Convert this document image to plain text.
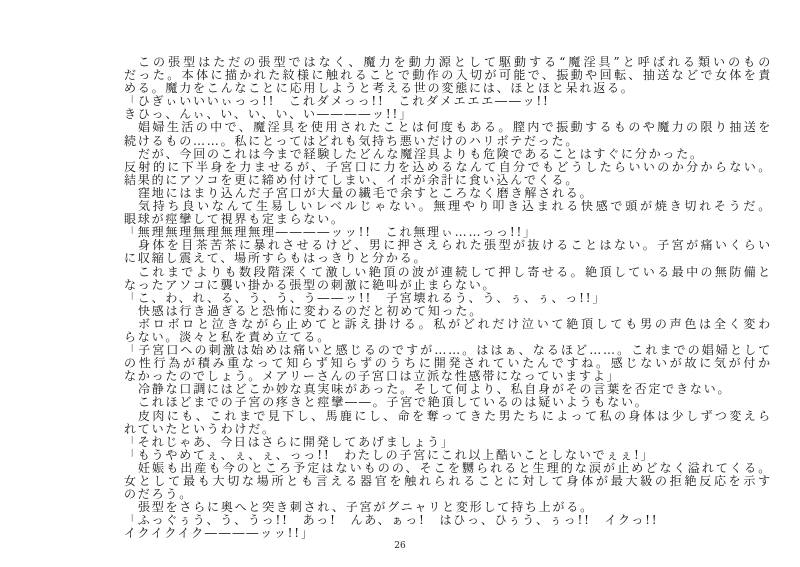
この張型はただの張型ではなく、魔力を動力源として駆動する“魔淫具”と呼ばれる類いのもの
だった。本体に描かれた紋様に触れることで動作の入切が可能で、振動や回転、抽送などで女体を責
める。魔力をこんなことに応用しようと考える世の変態には、ほとほと呆れ返る。
「ひぎぃいいいぃっっ!!　これダメっっ!!　これダメエエエ――ッ!!
きひっ、んぃ、い、い、い、い――――ッ!!」
娼婦生活の中で、魔淫具を使用されたことは何度もある。膣内で振動するものや魔力の限り抽送を
続けるもの……。私にとってはどれも気持ち悪いだけのハリボテだった。
だが、今回のこれは今まで経験したどんな魔淫具よりも危険であることはすぐに分かった。
反射的に下半身を力ませるが、子宮口に力を込めるなんて自分でもどうしたらいいのか分からない。
結果的にアソコを更に締め付けてしまい、イボが余計に食い込んでくる。
窪地にはまり込んだ子宮口が大量の繊毛で余すところなく磨き解される。
気持ち良いなんて生易しいレベルじゃない。無理やり叩き込まれる快感で頭が焼き切れそうだ。
眼球が痙攣して視界も定まらない。
「無理無理無理無理無理――――ッッ!!　これ無理ぃ……っっ!!」
身体を目茶苦茶に暴れさせるけど、男に押さえられた張型が抜けることはない。子宮が痛いくらい
に収縮し震えて、場所すらもはっきりと分かる。
これまでよりも数段階深くて激しい絶頂の波が連続して押し寄せる。絶頂している最中の無防備と
なったアソコに襲い掛かる張型の刺激に絶叫が止まらない。
「こ、わ、れ、る、う、う、う――ッ!!　子宮壊れるう、う、ぅ、ぅ、っ!!」
快感は行き過ぎると恐怖に変わるのだと初めて知った。
ボロボロと泣きながら止めてと訴え掛ける。私がどれだけ泣いて絶頂しても男の声色は全く変わ
らない。淡々と私を責め立てる。
「子宮口への刺激は始めは痛いと感じるのですが……。ははぁ、なるほど……。これまでの娼婦として
の性行為が積み重なって知らず知らずのうちに開発されていたんですね。感じないが故に気が付か
なかったのでしょう。メアリーさんの子宮口は立派な性感帯になっていますよ」
冷静な口調にはどこか妙な真実味があった。そして何より、私自身がその言葉を否定できない。
これほどまでの子宮の疼きと痙攣――。子宮で絶頂しているのは疑いようもない。
皮肉にも、これまで見下し、馬鹿にし、命を奪ってきた男たちによって私の身体は少しずつ変えら
れていたというわけだ。
「それじゃあ、今日はさらに開発してあげましょう」
「もうやめてぇ、ぇ、ぇ、っっ!!　わたしの子宮にこれ以上酷いことしないでぇぇ!」
妊娠も出産も今のところ予定はないものの、そこを嬲られると生理的な涙が止めどなく溢れてくる。
女として最も大切な場所とも言える器官を触れられることに対して身体が最大級の拒絶反応を示す
のだろう。
張型をさらに奥へと突き刺され、子宮がグニャリと変形して持ち上がる。
「ふっぐぅう、う、うっ!!　あっ!　んあ、ぁっ!　はひっ、ひぅう、ぅっ!!　イクっ!!
イクイクイク――――ッッ!!」
26
